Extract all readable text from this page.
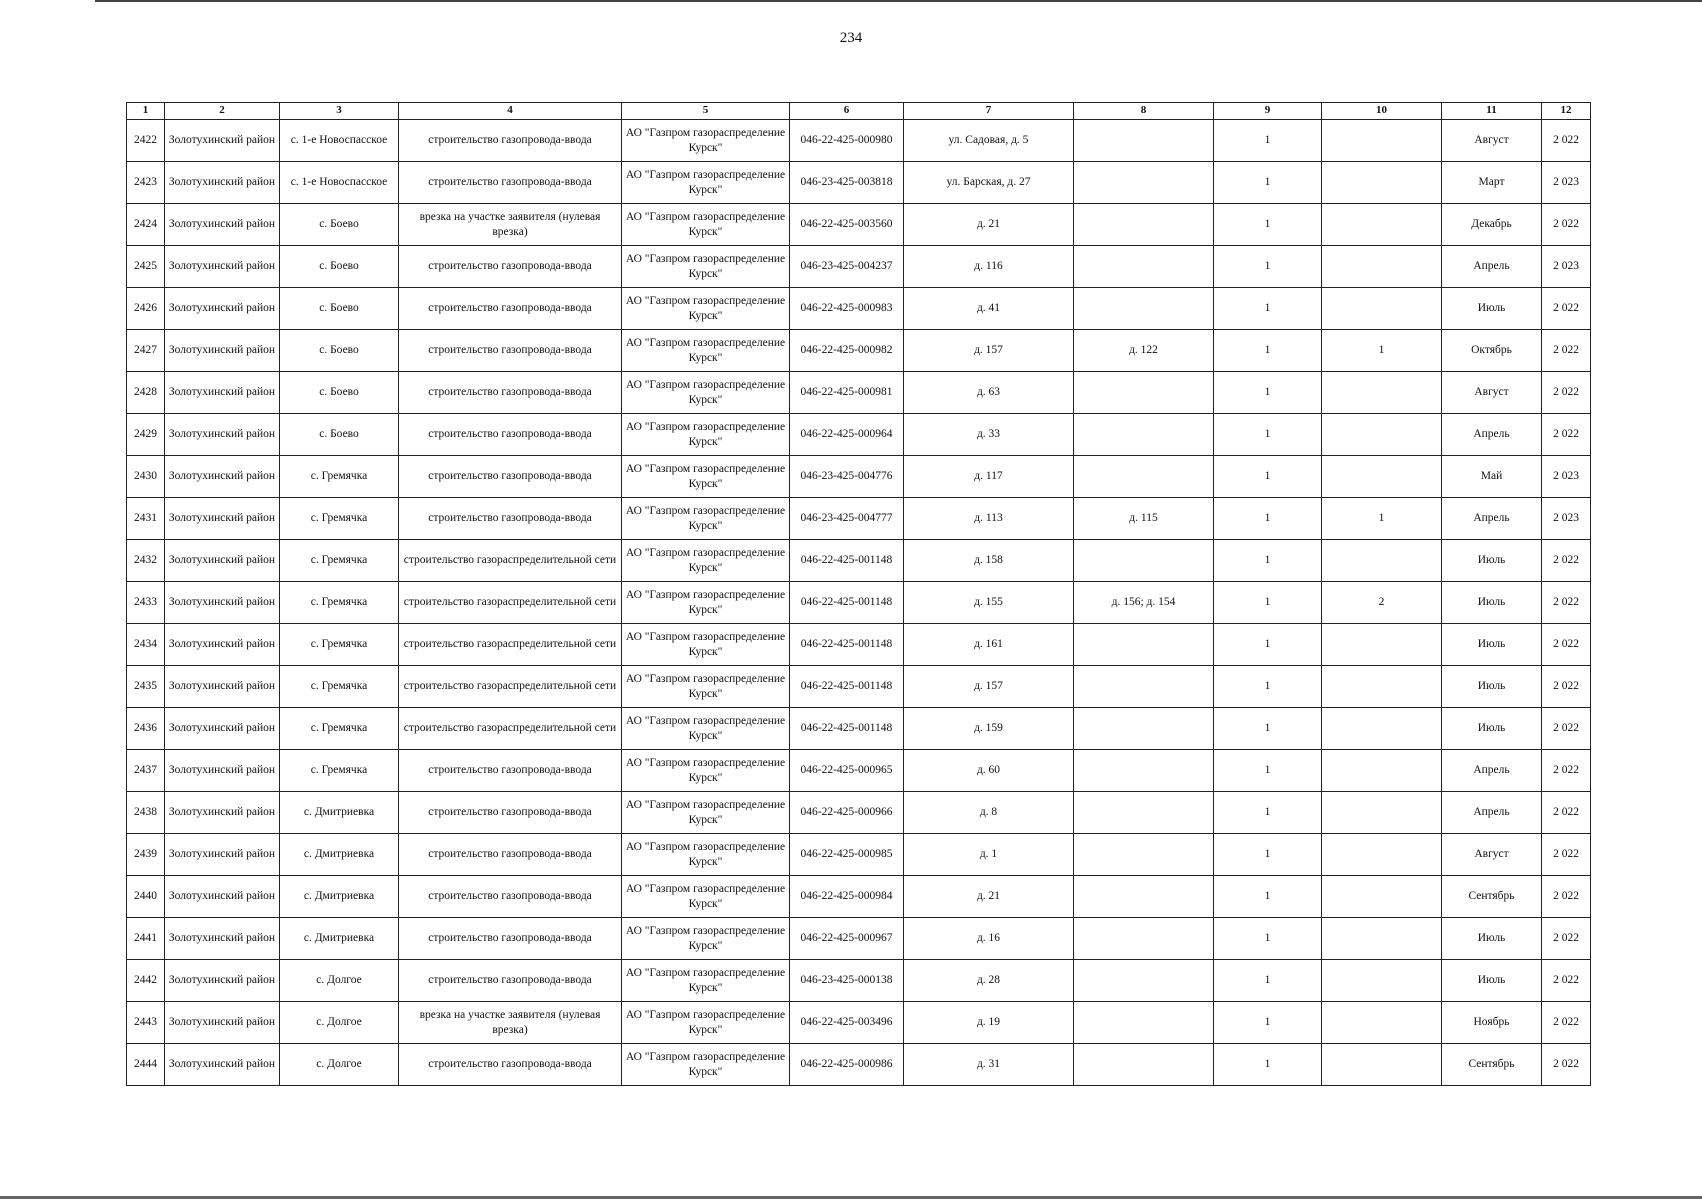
234
1	2	3	4	5	6	7	8	9	10	11	12
2422	Золотухинский район	с. 1-е Новоспасское	строительство газопровода-ввода	АО "Газпром газораспределение Курск"	046-22-425-000980	ул. Садовая, д. 5		1		Август	2 022
2423	Золотухинский район	с. 1-е Новоспасское	строительство газопровода-ввода	АО "Газпром газораспределение Курск"	046-23-425-003818	ул. Барская, д. 27		1		Март	2 023
2424	Золотухинский район	с. Боево	врезка на участке заявителя (нулевая врезка)	АО "Газпром газораспределение Курск"	046-22-425-003560	д. 21		1		Декабрь	2 022
2425	Золотухинский район	с. Боево	строительство газопровода-ввода	АО "Газпром газораспределение Курск"	046-23-425-004237	д. 116		1		Апрель	2 023
2426	Золотухинский район	с. Боево	строительство газопровода-ввода	АО "Газпром газораспределение Курск"	046-22-425-000983	д. 41		1		Июль	2 022
2427	Золотухинский район	с. Боево	строительство газопровода-ввода	АО "Газпром газораспределение Курск"	046-22-425-000982	д. 157	д. 122	1	1	Октябрь	2 022
2428	Золотухинский район	с. Боево	строительство газопровода-ввода	АО "Газпром газораспределение Курск"	046-22-425-000981	д. 63		1		Август	2 022
2429	Золотухинский район	с. Боево	строительство газопровода-ввода	АО "Газпром газораспределение Курск"	046-22-425-000964	д. 33		1		Апрель	2 022
2430	Золотухинский район	с. Гремячка	строительство газопровода-ввода	АО "Газпром газораспределение Курск"	046-23-425-004776	д. 117		1		Май	2 023
2431	Золотухинский район	с. Гремячка	строительство газопровода-ввода	АО "Газпром газораспределение Курск"	046-23-425-004777	д. 113	д. 115	1	1	Апрель	2 023
2432	Золотухинский район	с. Гремячка	строительство газораспределительной сети	АО "Газпром газораспределение Курск"	046-22-425-001148	д. 158		1		Июль	2 022
2433	Золотухинский район	с. Гремячка	строительство газораспределительной сети	АО "Газпром газораспределение Курск"	046-22-425-001148	д. 155	д. 156; д. 154	1	2	Июль	2 022
2434	Золотухинский район	с. Гремячка	строительство газораспределительной сети	АО "Газпром газораспределение Курск"	046-22-425-001148	д. 161		1		Июль	2 022
2435	Золотухинский район	с. Гремячка	строительство газораспределительной сети	АО "Газпром газораспределение Курск"	046-22-425-001148	д. 157		1		Июль	2 022
2436	Золотухинский район	с. Гремячка	строительство газораспределительной сети	АО "Газпром газораспределение Курск"	046-22-425-001148	д. 159		1		Июль	2 022
2437	Золотухинский район	с. Гремячка	строительство газопровода-ввода	АО "Газпром газораспределение Курск"	046-22-425-000965	д. 60		1		Апрель	2 022
2438	Золотухинский район	с. Дмитриевка	строительство газопровода-ввода	АО "Газпром газораспределение Курск"	046-22-425-000966	д. 8		1		Апрель	2 022
2439	Золотухинский район	с. Дмитриевка	строительство газопровода-ввода	АО "Газпром газораспределение Курск"	046-22-425-000985	д. 1		1		Август	2 022
2440	Золотухинский район	с. Дмитриевка	строительство газопровода-ввода	АО "Газпром газораспределение Курск"	046-22-425-000984	д. 21		1		Сентябрь	2 022
2441	Золотухинский район	с. Дмитриевка	строительство газопровода-ввода	АО "Газпром газораспределение Курск"	046-22-425-000967	д. 16		1		Июль	2 022
2442	Золотухинский район	с. Долгое	строительство газопровода-ввода	АО "Газпром газораспределение Курск"	046-23-425-000138	д. 28		1		Июль	2 022
2443	Золотухинский район	с. Долгое	врезка на участке заявителя (нулевая врезка)	АО "Газпром газораспределение Курск"	046-22-425-003496	д. 19		1		Ноябрь	2 022
2444	Золотухинский район	с. Долгое	строительство газопровода-ввода	АО "Газпром газораспределение Курск"	046-22-425-000986	д. 31		1		Сентябрь	2 022
